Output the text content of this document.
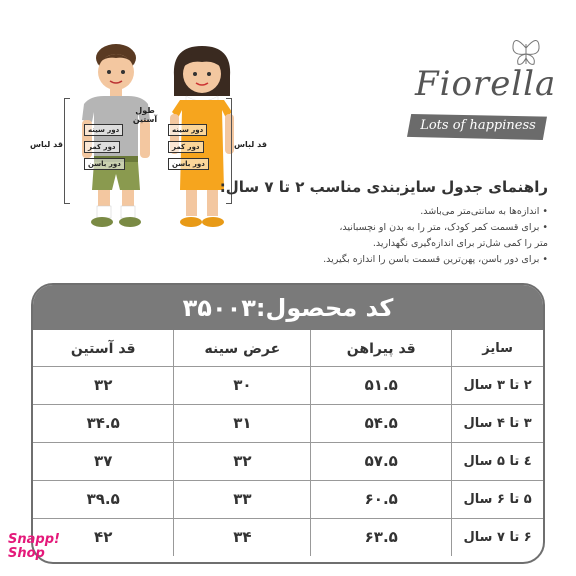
قد لباس	قد لباس
طول آستین
دور سینه
دور کمر
دور باسن
دور سینه
دور کمر
دور باسن
Fiorella
Lots of happiness
راهنمای جدول سایزبندی مناسب ۲ تا ۷ سال:
• اندازه‌ها به سانتی‌متر می‌باشد.
• برای قسمت کمر کودک، متر را به بدن او نچسبانید،
متر را کمی شل‌تر برای اندازه‌گیری نگهدارید.
• برای دور باسن، پهن‌ترین قسمت باسن را اندازه بگیرید.
کد محصول:۳۵۰۰۳
سایز	قد پیراهن	عرض سینه	قد آستین
۲ تا ۳ سال	۵۱.۵	۳۰	۳۲
۳ تا ۴ سال	۵۴.۵	۳۱	۳۴.۵
٤ تا ۵ سال	۵۷.۵	۳۲	۳۷
۵ تا ۶ سال	۶۰.۵	۳۳	۳۹.۵
۶ تا ۷ سال	۶۳.۵	۳۴	۴۲
Snapp!
Shop
